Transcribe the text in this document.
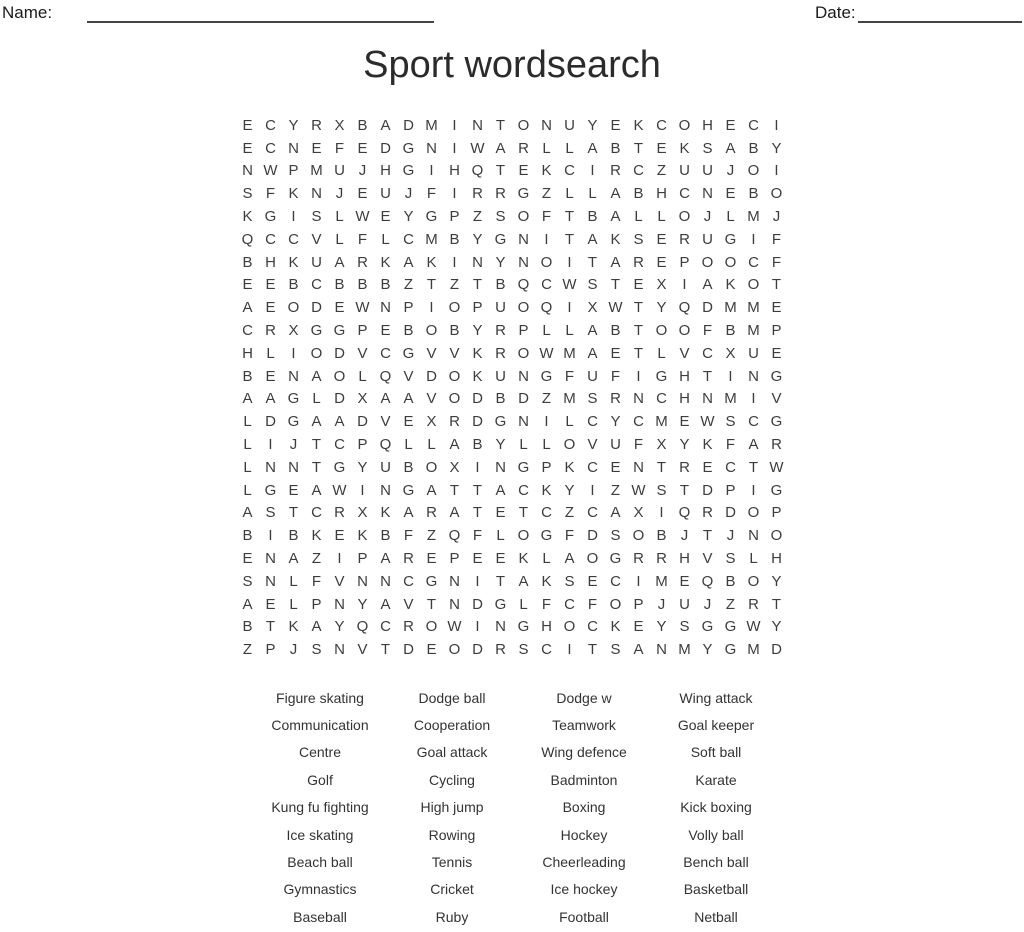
Name:	Date:
Sport wordsearch
E C Y R X B A D M I	N T O N U Y E K C O H E C	I
E C N E F E D G N	I W A R L L A B T E K S A B Y
N W P M U J H G	I	H Q T E K C	I	R C Z U U J O	I
S F K N J E U J F	I	R R G Z L L A B H C N E B O
K G	I	S L W E Y G P Z S O F T B A L L O J	L M J
Q C C V L F L C M B Y G N	I	T A K S E R U G	I	F
B H K U A R K A K	I	N Y N O	I	T A R E P O O C F
E E B C B B B Z T Z T B Q C W S T E X	I	A K O T
A E O D E W N P	I	O P U O Q	I	X W T Y Q D M M E
C R X G G P E B O B Y R P L L A B T O O F B M P
H L	I	O D V C G V V K R O W M A E T L V C X U E
B E N A O L Q V D O K U N G F U F	I	G H T	I	N G
A A G L D X A A V O D B D Z M S R N C H N M I	V
L D G A A D V E X R D G N	I	L C Y C M E W S C G
L	I	J T C P Q L L A B Y L L O V U F X Y K F A R
L N N T G Y U B O X	I	N G P K C E N T R E C T W
L G E A W I	N G A T T A C K Y	I	Z W S T D P	I	G
A S T C R X K A R A T E T C Z C A X	I	Q R D O P
B	I	B K E K B F Z Q F L O G F D S O B J T J N O
E N A Z	I	P A R E P E E K L A O G R R H V S L H
S N L F V N N C G N	I	T A K S E C	I M E Q B O Y
A E L P N Y A V T N D G L F C F O P J U J Z R T
B T K A Y Q C R O W I	N G H O C K E Y S G G W Y
Z P J S N V T D E O D R S C	I	T S A N M Y G M D
Figure skating	Dodge ball	Dodge w	Wing attack
Communication	Cooperation	Teamwork	Goal keeper
Centre	Goal attack	Wing defence	Soft ball
Golf	Cycling	Badminton	Karate
Kung fu fighting	High jump	Boxing	Kick boxing
Ice skating	Rowing	Hockey	Volly ball
Beach ball	Tennis	Cheerleading	Bench ball
Gymnastics	Cricket	Ice hockey	Basketball
Baseball	Ruby	Football	Netball
